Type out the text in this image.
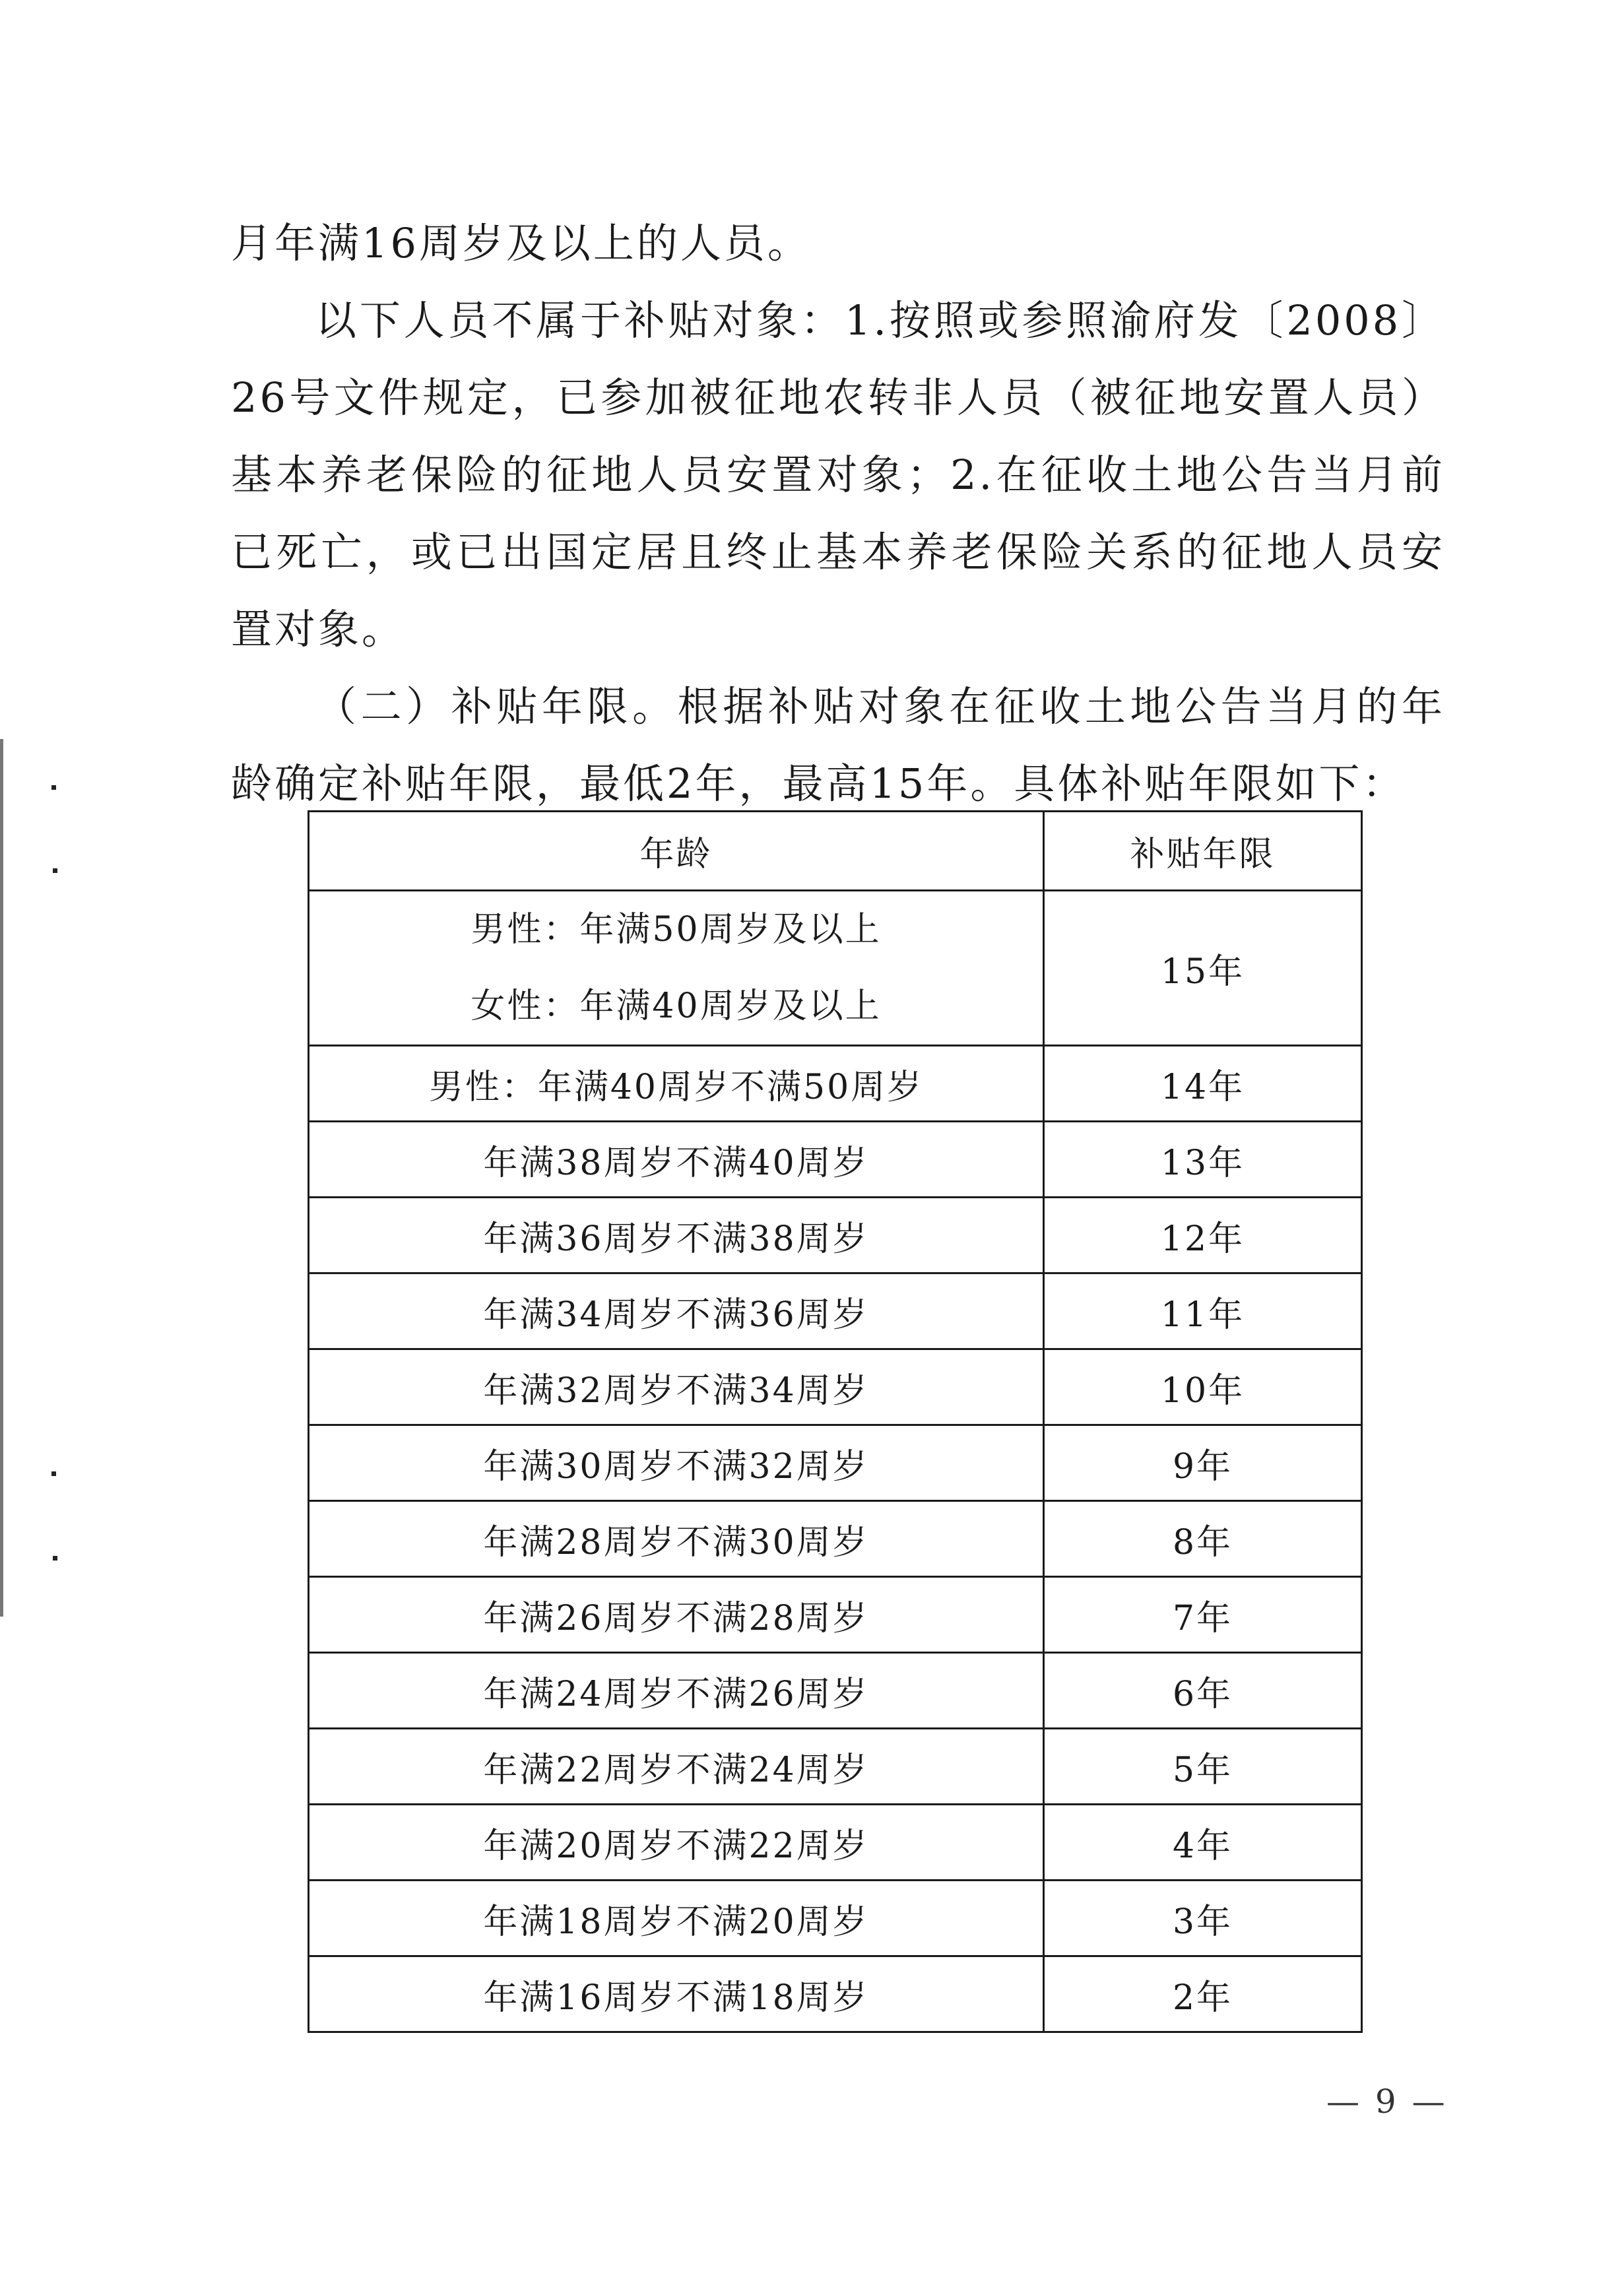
月年满16周岁及以上的人员。

以下人员不属于补贴对象：1.按照或参照渝府发〔2008〕26号文件规定，已参加被征地农转非人员（被征地安置人员）基本养老保险的征地人员安置对象；2.在征收土地公告当月前已死亡，或已出国定居且终止基本养老保险关系的征地人员安置对象。

（二）补贴年限。根据补贴对象在征收土地公告当月的年龄确定补贴年限，最低2年，最高15年。具体补贴年限如下：

年龄	补贴年限

男性：年满50周岁及以上
女性：年满40周岁及以上	15年
男性：年满40周岁不满50周岁	14年
年满38周岁不满40周岁	13年
年满36周岁不满38周岁	12年
年满34周岁不满36周岁	11年
年满32周岁不满34周岁	10年
年满30周岁不满32周岁	9年
年满28周岁不满30周岁	8年
年满26周岁不满28周岁	7年
年满24周岁不满26周岁	6年
年满22周岁不满24周岁	5年
年满20周岁不满22周岁	4年
年满18周岁不满20周岁	3年
年满16周岁不满18周岁	2年
— 9 —
